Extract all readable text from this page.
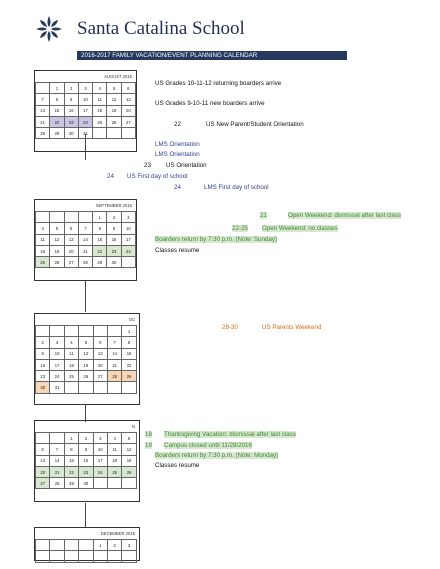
Santa Catalina School
2016-2017 FAMILY VACATION/EVENT PLANNING CALENDAR
AUGUST 2016
	1	2	3	4	5	6
7	8	9	10	11	12	13
14	15	16	17	18	19	20
21	22	23	24	25	26	27
28	29	30	31			
SEPTEMBER 2016
				1	2	3
4	5	6	7	8	9	10
11	12	13	14	15	16	17
18	19	20	21	22	23	24
25	26	27	28	29	30	
OC
						1
2	3	4	5	6	7	8
9	10	11	12	13	14	15
16	17	18	19	20	21	22
23	24	25	26	27	28	29
30	31					
N
		1	2	3	4	5
6	7	8	9	10	11	12
13	14	15	16	17	18	19
20	21	22	23	24	25	26
27	28	29	30			
DECEMBER 2016
				1	2	3

US Grades 10-11-12 returning boarders arrive
US Grades 9-10-11 new boarders arrive
22	US New Parent/Student Orientation
LMS Orientation
LMS Orientation
23 US Orientation
24 US First day of school
24	LMS First day of school
21	Open Weekend: dismissal after last class
22-25 Open Weekend: no classes
Boarders return by 7:30 p.m. (Note: Sunday)
Classes resume
28-30	US Parents Weekend
18 Thanksgiving Vacation: dismissal after last class
19 Campus closed until 11/28/2016
Boarders return by 7:30 p.m. (Note: Monday)
Classes resume
